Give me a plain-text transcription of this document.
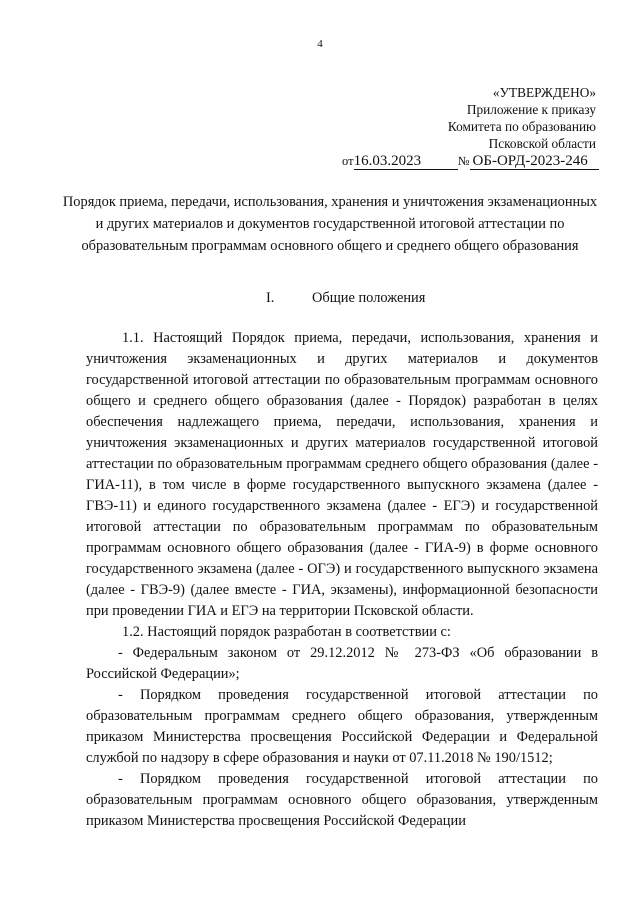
4
«УТВЕРЖДЕНО»
Приложение к приказу
Комитета по образованию
Псковской области
от16.03.2023	№ ОБ-ОРД-2023-246
Порядок приема, передачи, использования, хранения и уничтожения экзаменационных и других материалов и документов государственной итоговой аттестации по образовательным программам основного общего и среднего общего образования
I.	Общие положения

1.1. Настоящий Порядок приема, передачи, использования, хранения и уничтожения экзаменационных и других материалов и документов государственной итоговой аттестации по образовательным программам основного общего и среднего общего образования (далее - Порядок) разработан в целях обеспечения надлежащего приема, передачи, использования, хранения и уничтожения экзаменационных и других материалов государственной итоговой аттестации по образовательным программам среднего общего образования (далее - ГИА-11), в том числе в форме государственного выпускного экзамена (далее - ГВЭ-11) и единого государственного экзамена (далее - ЕГЭ) и государственной итоговой аттестации по образовательным программам по образовательным программам основного общего образования (далее - ГИА-9) в форме основного государственного экзамена (далее - ОГЭ) и государственного выпускного экзамена (далее - ГВЭ-9) (далее вместе - ГИА, экзамены), информационной безопасности при проведении ГИА и ЕГЭ на территории Псковской области.

1.2. Настоящий порядок разработан в соответствии с:

- Федеральным законом от 29.12.2012 № 273-ФЗ «Об образовании в Российской Федерации»;

- Порядком проведения государственной итоговой аттестации по образовательным программам среднего общего образования, утвержденным приказом Министерства просвещения Российской Федерации и Федеральной службой по надзору в сфере образования и науки от 07.11.2018 № 190/1512;

- Порядком проведения государственной итоговой аттестации по образовательным программам основного общего образования, утвержденным приказом Министерства просвещения Российской Федерации
